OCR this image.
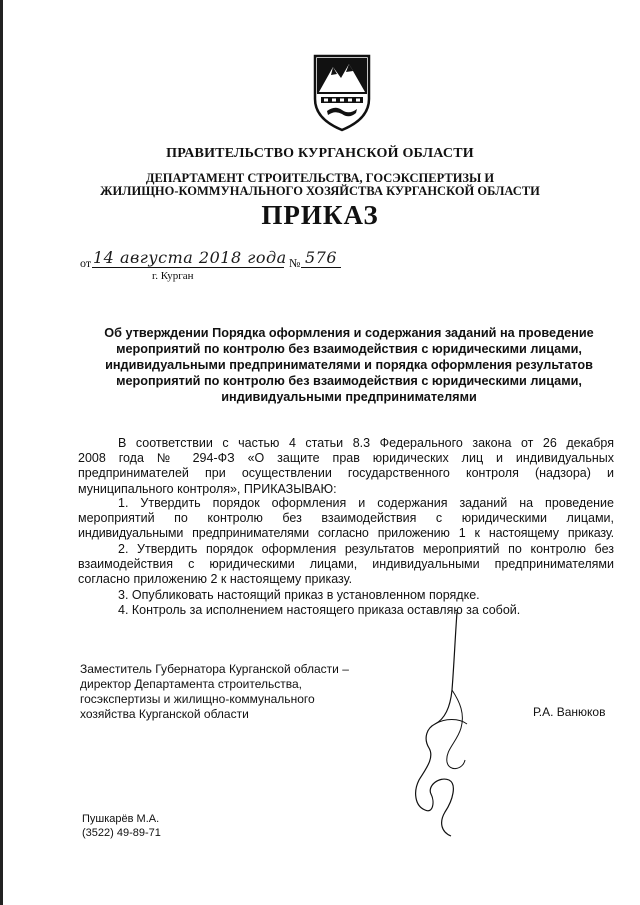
ПРАВИТЕЛЬСТВО КУРГАНСКОЙ ОБЛАСТИ
ДЕПАРТАМЕНТ СТРОИТЕЛЬСТВА, ГОСЭКСПЕРТИЗЫ И
ЖИЛИЩНО-КОММУНАЛЬНОГО ХОЗЯЙСТВА КУРГАНСКОЙ ОБЛАСТИ
ПРИКАЗ
от 14 августа 2018 года № 576
г. Курган
Об утверждении Порядка оформления и содержания заданий на проведение
мероприятий по контролю без взаимодействия с юридическими лицами,
индивидуальными предпринимателями и порядка оформления результатов
мероприятий по контролю без взаимодействия с юридическими лицами,
индивидуальными предпринимателями
В соответствии с частью 4 статьи 8.3 Федерального закона от 26 декабря
2008 года № 294-ФЗ «О защите прав юридических лиц и индивидуальных
предпринимателей при осуществлении государственного контроля (надзора) и
муниципального контроля», ПРИКАЗЫВАЮ:
1. Утвердить порядок оформления и содержания заданий на проведение
мероприятий по контролю без взаимодействия с юридическими лицами,
индивидуальными предпринимателями согласно приложению 1 к настоящему приказу.
2. Утвердить порядок оформления результатов мероприятий по контролю без
взаимодействия с юридическими лицами, индивидуальными предпринимателями
согласно приложению 2 к настоящему приказу.
3. Опубликовать настоящий приказ в установленном порядке.
4. Контроль за исполнением настоящего приказа оставляю за собой.
Заместитель Губернатора Курганской области –
директор Департамента строительства,
госэкспертизы и жилищно-коммунального
хозяйства Курганской области	Р.А. Ванюков
Пушкарёв М.А.
(3522) 49-89-71
